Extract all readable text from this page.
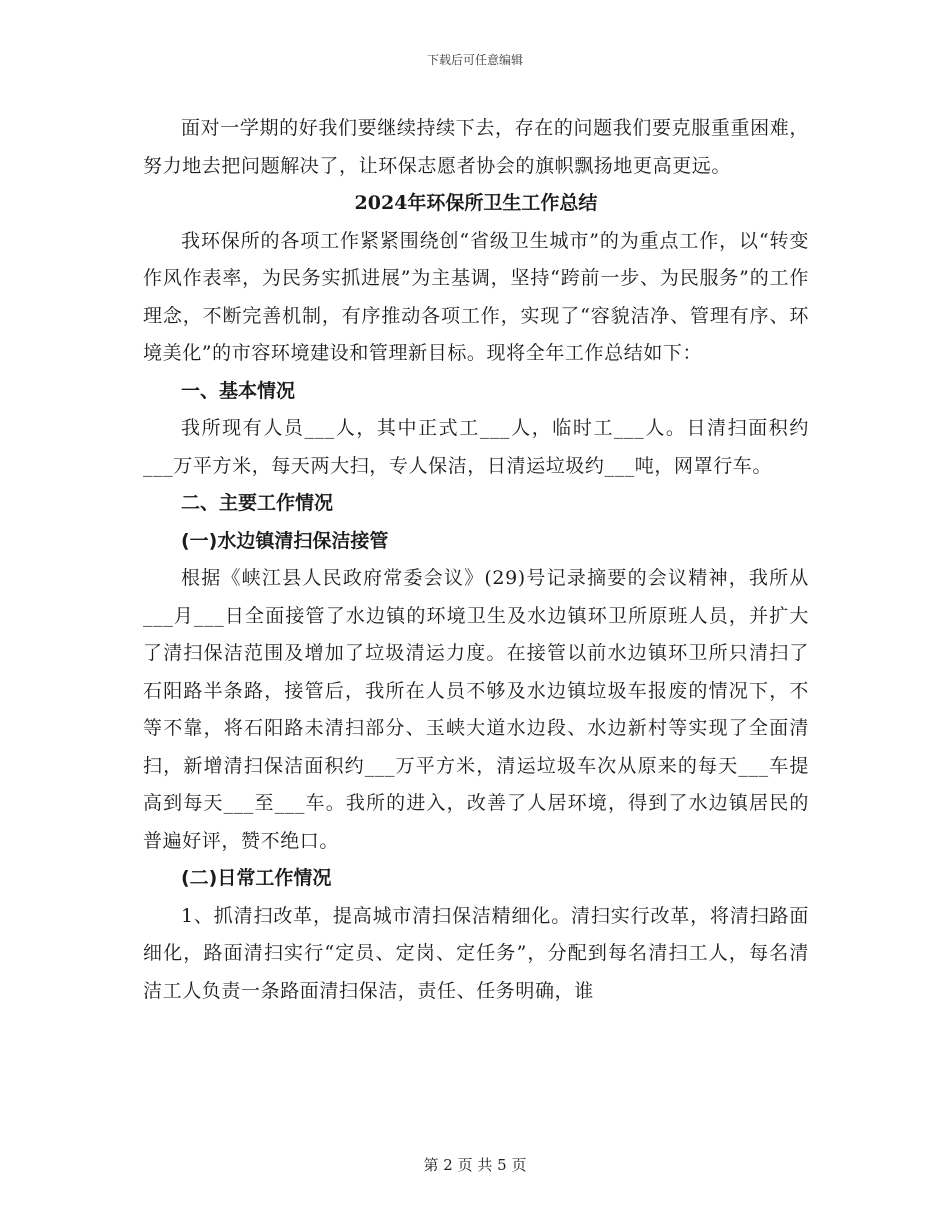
下载后可任意编辑

面对一学期的好我们要继续持续下去，存在的问题我们要克服重重困难，努力地去把问题解决了，让环保志愿者协会的旗帜飘扬地更高更远。

2024年环保所卫生工作总结

我环保所的各项工作紧紧围绕创“省级卫生城市”的为重点工作，以“转变作风作表率，为民务实抓进展”为主基调，坚持“跨前一步、为民服务”的工作理念，不断完善机制，有序推动各项工作，实现了“容貌洁净、管理有序、环境美化”的市容环境建设和管理新目标。现将全年工作总结如下：

一、基本情况

我所现有人员___人，其中正式工___人，临时工___人。日清扫面积约___万平方米，每天两大扫，专人保洁，日清运垃圾约___吨，网罩行车。

二、主要工作情况

(一)水边镇清扫保洁接管

根据《峡江县人民政府常委会议》(29)号记录摘要的会议精神，我所从___月___日全面接管了水边镇的环境卫生及水边镇环卫所原班人员，并扩大了清扫保洁范围及增加了垃圾清运力度。在接管以前水边镇环卫所只清扫了石阳路半条路，接管后，我所在人员不够及水边镇垃圾车报废的情况下，不等不靠，将石阳路未清扫部分、玉峡大道水边段、水边新村等实现了全面清扫，新增清扫保洁面积约___万平方米，清运垃圾车次从原来的每天___车提高到每天___至___车。我所的进入，改善了人居环境，得到了水边镇居民的普遍好评，赞不绝口。

(二)日常工作情况

1、抓清扫改革，提高城市清扫保洁精细化。清扫实行改革，将清扫路面细化，路面清扫实行“定员、定岗、定任务”，分配到每名清扫工人，每名清洁工人负责一条路面清扫保洁，责任、任务明确，谁

第 2 页 共 5 页
